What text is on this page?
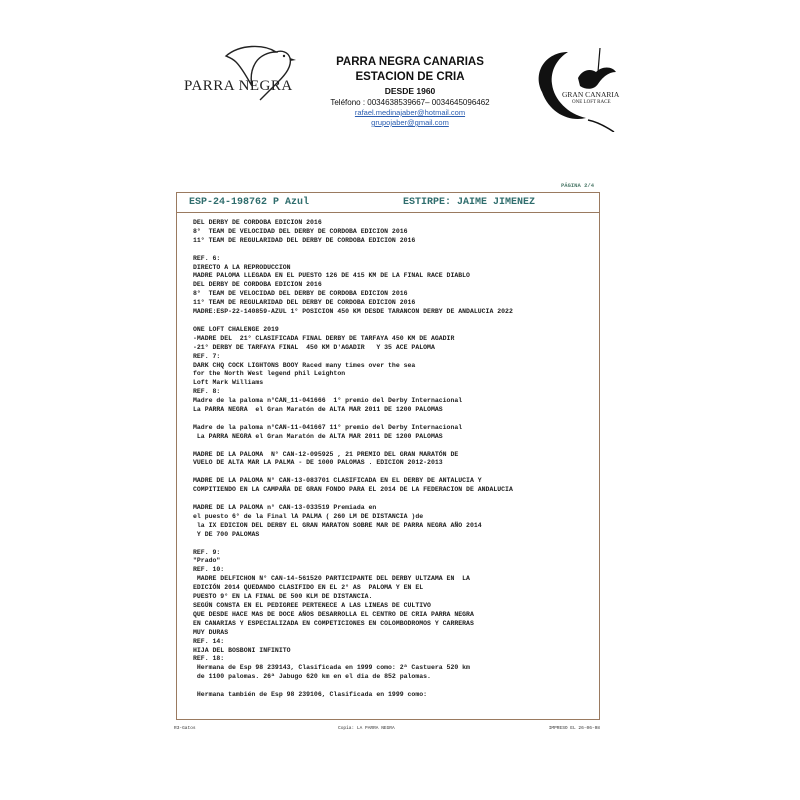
PARRA NEGRA
PARRA NEGRA CANARIAS
ESTACION DE CRIA
DESDE 1960
Teléfono : 0034638539667– 0034645096462
rafael.medinajaber@hotmail.com
grupojaber@gmail.com
GRAN CANARIA
ONE LOFT RACE
PÁGINA 2/4
ESP-24-198762 P Azul	ESTIRPE: JAIME JIMENEZ
DEL DERBY DE CORDOBA EDICION 2016
8°  TEAM DE VELOCIDAD DEL DERBY DE CORDOBA EDICION 2016
11° TEAM DE REGULARIDAD DEL DERBY DE CORDOBA EDICION 2016

REF. 6:
DIRECTO A LA REPRODUCCION
MADRE PALOMA LLEGADA EN EL PUESTO 126 DE 415 KM DE LA FINAL RACE DIABLO
DEL DERBY DE CORDOBA EDICION 2016
8°  TEAM DE VELOCIDAD DEL DERBY DE CORDOBA EDICION 2016
11° TEAM DE REGULARIDAD DEL DERBY DE CORDOBA EDICION 2016
MADRE:ESP-22-140859-AZUL 1° POSICION 450 KM DESDE TARANCON DERBY DE ANDALUCIA 2022

ONE LOFT CHALENGE 2019
-MADRE DEL  21° CLASIFICADA FINAL DERBY DE TARFAYA 450 KM DE AGADIR
-21° DERBY DE TARFAYA FINAL  450 KM D'AGADIR   Y 35 ACE PALOMA
REF. 7:
DARK CHQ COCK LIGHTONS BOOY Raced many times over the sea
for the North West legend phil Leighton
Loft Mark Williams
REF. 8:
Madre de la paloma n°CAN_11-041666  1° premio del Derby Internacional
La PARRA NEGRA  el Gran Maratón de ALTA MAR 2011 DE 1200 PALOMAS

Madre de la paloma n°CAN-11-041667 11° premio del Derby Internacional
La PARRA NEGRA el Gran Maratón de ALTA MAR 2011 DE 1200 PALOMAS

MADRE DE LA PALOMA  N° CAN-12-095925 , 21 PREMIO DEL GRAN MARATÓN DE
VUELO DE ALTA MAR LA PALMA - DE 1000 PALOMAS . EDICION 2012-2013

MADRE DE LA PALOMA N° CAN-13-083701 CLASIFICADA EN EL DERBY DE ANTALUCIA Y
COMPITIENDO EN LA CAMPAÑA DE GRAN FONDO PARA EL 2014 DE LA FEDERACION DE ANDALUCIA

MADRE DE LA PALOMA n° CAN-13-033519 Premiada en
el puesto 6° de la Final lA PALMA ( 260 LM DE DISTANCIA )de
la IX EDICION DEL DERBY EL GRAN MARATON SOBRE MAR DE PARRA NEGRA AÑO 2014
Y DE 700 PALOMAS

REF. 9:
"Prado"
REF. 10:
MADRE DELFICHON N° CAN-14-561520 PARTICIPANTE DEL DERBY ULTZAMA EN  LA
EDICIÓN 2014 QUEDANDO CLASIFIDO EN EL 2° AS  PALOMA Y EN EL
PUESTO 9° EN LA FINAL DE 500 KLM DE DISTANCIA.
SEGÚN CONSTA EN EL PEDIGREE PERTENECE A LAS LINEAS DE CULTIVO
QUE DESDE HACE MAS DE DOCE AÑOS DESARROLLA EL CENTRO DE CRIA PARRA NEGRA
EN CANARIAS Y ESPECIALIZADA EN COMPETICIONES EN COLOMBODROMOS Y CARRERAS
MUY DURAS
REF. 14:
HIJA DEL BOSBONI INFINITO
REF. 18:
Hermana de Esp 98 239143, Clasificada en 1999 como: 2ª Castuera 520 km
de 1100 palomas. 26ª Jabugo 620 km en el dia de 852 palomas.

Hermana también de Esp 98 239106, Clasificada en 1999 como:
R3-Gatos	Copia: LA PARRA NEGRA	IMPRESO EL 26-06-08
